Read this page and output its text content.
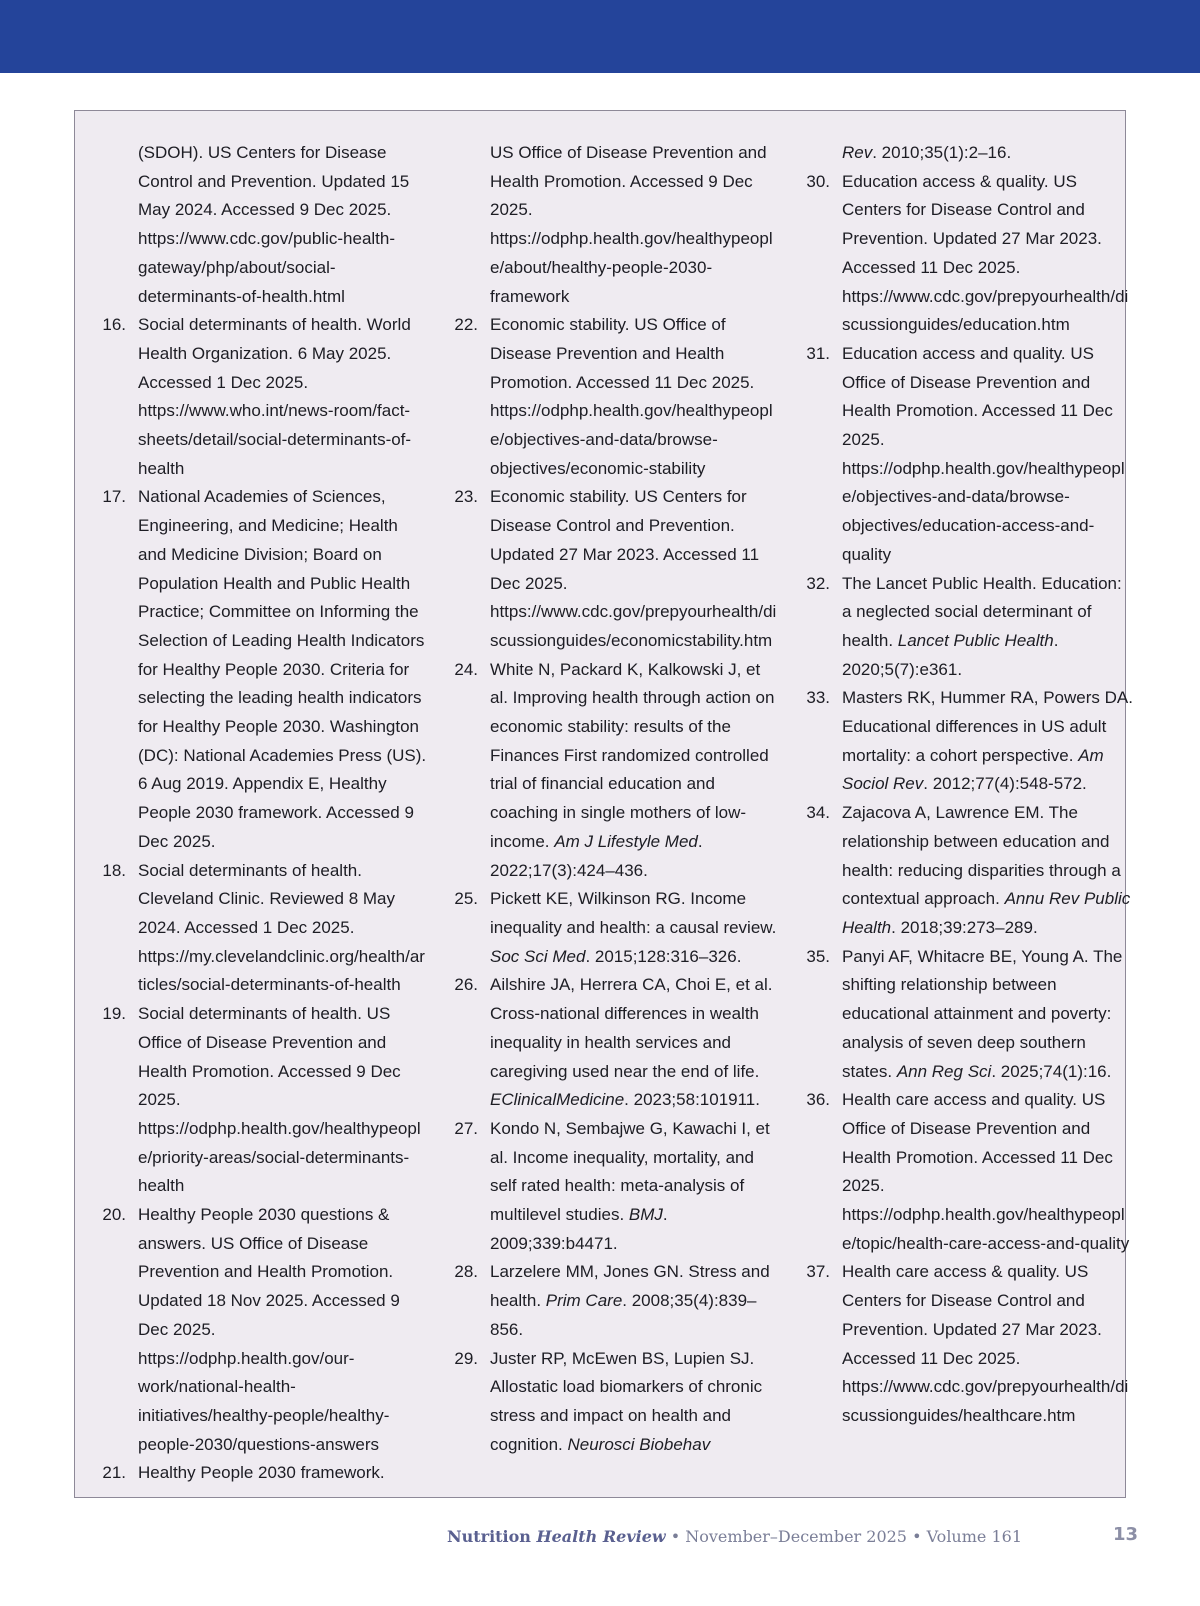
(SDOH). US Centers for Disease Control and Prevention. Updated 15 May 2024. Accessed 9 Dec 2025. https://www.cdc.gov/public-health-gateway/php/about/social-determinants-of-health.html
16. Social determinants of health. World Health Organization. 6 May 2025. Accessed 1 Dec 2025. https://www.who.int/news-room/fact-sheets/detail/social-determinants-of-health
17. National Academies of Sciences, Engineering, and Medicine; Health and Medicine Division; Board on Population Health and Public Health Practice; Committee on Informing the Selection of Leading Health Indicators for Healthy People 2030. Criteria for selecting the leading health indicators for Healthy People 2030. Washington (DC): National Academies Press (US). 6 Aug 2019. Appendix E, Healthy People 2030 framework. Accessed 9 Dec 2025.
18. Social determinants of health. Cleveland Clinic. Reviewed 8 May 2024. Accessed 1 Dec 2025. https://my.clevelandclinic.org/health/articles/social-determinants-of-health
19. Social determinants of health. US Office of Disease Prevention and Health Promotion. Accessed 9 Dec 2025. https://odphp.health.gov/healthypeople/priority-areas/social-determinants-health
20. Healthy People 2030 questions & answers. US Office of Disease Prevention and Health Promotion. Updated 18 Nov 2025. Accessed 9 Dec 2025. https://odphp.health.gov/our-work/national-health-initiatives/healthy-people/healthy-people-2030/questions-answers
21. Healthy People 2030 framework.
US Office of Disease Prevention and Health Promotion. Accessed 9 Dec 2025. https://odphp.health.gov/healthypeople/about/healthy-people-2030-framework
22. Economic stability. US Office of Disease Prevention and Health Promotion. Accessed 11 Dec 2025. https://odphp.health.gov/healthypeople/objectives-and-data/browse-objectives/economic-stability
23. Economic stability. US Centers for Disease Control and Prevention. Updated 27 Mar 2023. Accessed 11 Dec 2025. https://www.cdc.gov/prepyourhealth/discussionguides/economicstability.htm
24. White N, Packard K, Kalkowski J, et al. Improving health through action on economic stability: results of the Finances First randomized controlled trial of financial education and coaching in single mothers of low-income. Am J Lifestyle Med. 2022;17(3):424–436.
25. Pickett KE, Wilkinson RG. Income inequality and health: a causal review. Soc Sci Med. 2015;128:316–326.
26. Ailshire JA, Herrera CA, Choi E, et al. Cross-national differences in wealth inequality in health services and caregiving used near the end of life. EClinicalMedicine. 2023;58:101911.
27. Kondo N, Sembajwe G, Kawachi I, et al. Income inequality, mortality, and self rated health: meta-analysis of multilevel studies. BMJ. 2009;339:b4471.
28. Larzelere MM, Jones GN. Stress and health. Prim Care. 2008;35(4):839–856.
29. Juster RP, McEwen BS, Lupien SJ. Allostatic load biomarkers of chronic stress and impact on health and cognition. Neurosci Biobehav
Rev. 2010;35(1):2–16.
30. Education access & quality. US Centers for Disease Control and Prevention. Updated 27 Mar 2023. Accessed 11 Dec 2025. https://www.cdc.gov/prepyourhealth/discussionguides/education.htm
31. Education access and quality. US Office of Disease Prevention and Health Promotion. Accessed 11 Dec 2025. https://odphp.health.gov/healthypeople/objectives-and-data/browse-objectives/education-access-and-quality
32. The Lancet Public Health. Education: a neglected social determinant of health. Lancet Public Health. 2020;5(7):e361.
33. Masters RK, Hummer RA, Powers DA. Educational differences in US adult mortality: a cohort perspective. Am Sociol Rev. 2012;77(4):548-572.
34. Zajacova A, Lawrence EM. The relationship between education and health: reducing disparities through a contextual approach. Annu Rev Public Health. 2018;39:273–289.
35. Panyi AF, Whitacre BE, Young A. The shifting relationship between educational attainment and poverty: analysis of seven deep southern states. Ann Reg Sci. 2025;74(1):16.
36. Health care access and quality. US Office of Disease Prevention and Health Promotion. Accessed 11 Dec 2025. https://odphp.health.gov/healthypeople/topic/health-care-access-and-quality
37. Health care access & quality. US Centers for Disease Control and Prevention. Updated 27 Mar 2023. Accessed 11 Dec 2025. https://www.cdc.gov/prepyourhealth/discussionguides/healthcare.htm
Nutrition Health Review • November–December 2025 • Volume 161	13
